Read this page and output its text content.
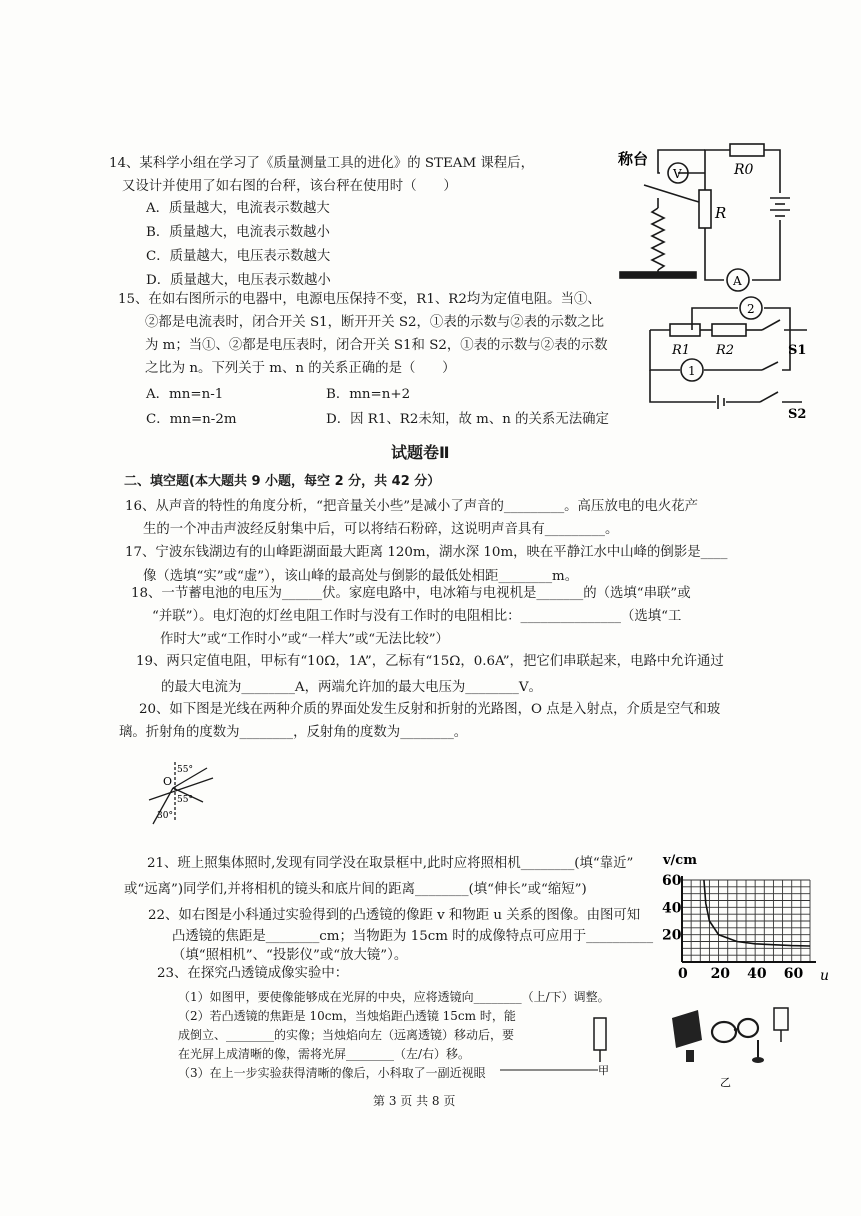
14、某科学小组在学习了《质量测量工具的进化》的 STEAM 课程后，
又设计并使用了如右图的台秤，该台秤在使用时（　　）
A．质量越大，电流表示数越大
B．质量越大，电流表示数越小
C．质量越大，电压表示数越大
D．质量越大，电压表示数越小
V
A
称台
R0
R
15、在如右图所示的电器中，电源电压保持不变，R1、R2均为定值电阻。当①、
②都是电流表时，闭合开关 S1，断开开关 S2，①表的示数与②表的示数之比
为 m；当①、②都是电压表时，闭合开关 S1和 S2，①表的示数与②表的示数
之比为 n。下列关于 m、n 的关系正确的是（　　）
A．mn=n-1	B．mn=n+2
C．mn=n-2m	D．因 R1、R2未知，故 m、n 的关系无法确定
2
1
R1 R2	S1
S2
试题卷Ⅱ
二、填空题(本大题共 9 小题，每空 2 分，共 42 分）
16、从声音的特性的角度分析，“把音量关小些”是减小了声音的_________。高压放电的电火花产
生的一个冲击声波经反射集中后，可以将结石粉碎，这说明声音具有_________。
17、宁波东钱湖边有的山峰距湖面最大距离 120m，湖水深 10m，映在平静江水中山峰的倒影是____
像（选填“实”或“虚”），该山峰的最高处与倒影的最低处相距________m。
18、一节蓄电池的电压为______伏。家庭电路中，电冰箱与电视机是_______的（选填“串联”或
“并联”）。电灯泡的灯丝电阻工作时与没有工作时的电阻相比：_______________（选填“工
作时大”或“工作时小”或“一样大”或“无法比较”）
19、两只定值电阻，甲标有“10Ω，1A”，乙标有“15Ω，0.6A”，把它们串联起来，电路中允许通过
的最大电流为________A，两端允许加的最大电压为________V。
20、如下图是光线在两种介质的界面处发生反射和折射的光路图，O 点是入射点，介质是空气和玻
璃。折射角的度数为________，反射角的度数为________。
O
55°
55°
30°
21、班上照集体照时,发现有同学没在取景框中,此时应将照相机________(填“靠近”
或“远离”)同学们,并将相机的镜头和底片间的距离________(填“伸长”或“缩短”)
22、如右图是小科通过实验得到的凸透镜的像距 v 和物距 u 关系的图像。由图可知
凸透镜的焦距是________cm；当物距为 15cm 时的成像特点可应用于__________
（填“照相机”、“投影仪”或“放大镜”）。
0 20 40 60
20
40
60
v/cm
u
23、在探究凸透镜成像实验中：
（1）如图甲，要使像能够成在光屏的中央，应将透镜向________（上/下）调整。
（2）若凸透镜的焦距是 10cm，当烛焰距凸透镜 15cm 时，能
成倒立、________的实像；当烛焰向左（远离透镜）移动后，要
在光屏上成清晰的像，需将光屏________（左/右）移。
（3）在上一步实验获得清晰的像后，小科取了一副近视眼	甲
乙
第 3 页 共 8 页
